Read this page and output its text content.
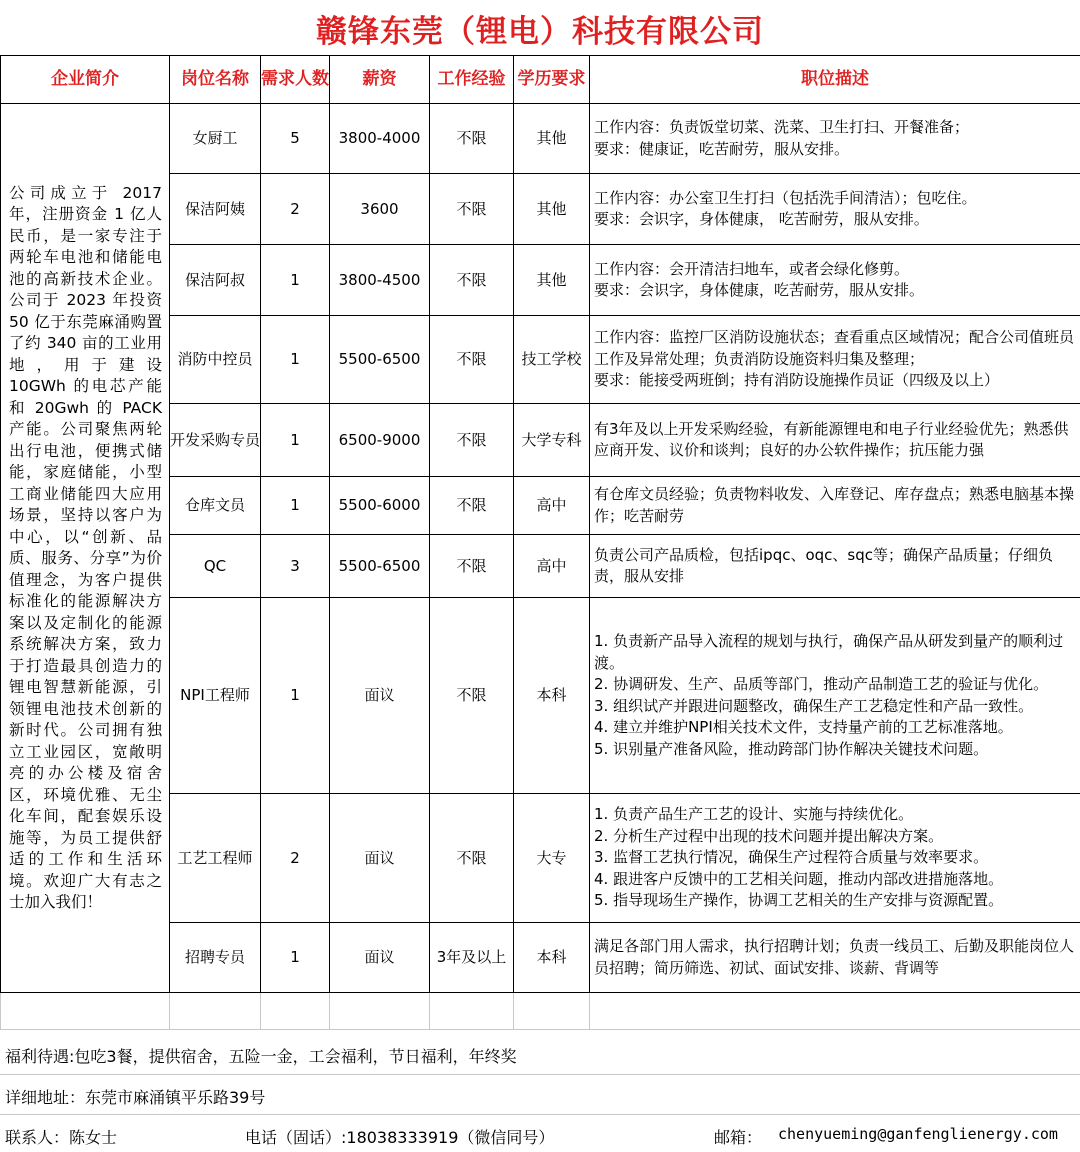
赣锋东莞（锂电）科技有限公司
企业简介	岗位名称	需求人数	薪资	工作经验	学历要求	职位描述
公司成立于 2017 年，注册资金 1 亿人民币，是一家专注于两轮车电池和储能电池的高新技术企业。公司于 2023 年投资 50 亿于东莞麻涌购置了约 340 亩的工业用地，用于建设 10GWh 的电芯产能和 20Gwh 的 PACK 产能。公司聚焦两轮出行电池，便携式储能，家庭储能，小型工商业储能四大应用场景，坚持以客户为中心，以“创新、品质、服务、分享”为价值理念，为客户提供标准化的能源解决方案以及定制化的能源系统解决方案，致力于打造最具创造力的锂电智慧新能源，引领锂电池技术创新的新时代。公司拥有独立工业园区，宽敞明亮的办公楼及宿舍区，环境优雅、无尘化车间，配套娱乐设施等，为员工提供舒适的工作和生活环境。欢迎广大有志之士加入我们！	女厨工	5	3800-4000	不限	其他	工作内容：负责饭堂切菜、洗菜、卫生打扫、开餐准备；
要求：健康证，吃苦耐劳，服从安排。

	保洁阿姨	2	3600	不限	其他	工作内容：办公室卫生打扫（包括洗手间清洁）；包吃住。
要求：会识字，身体健康， 吃苦耐劳，服从安排。

	保洁阿叔	1	3800-4500	不限	其他	工作内容：会开清洁扫地车，或者会绿化修剪。
要求：会识字，身体健康，吃苦耐劳，服从安排。

	消防中控员	1	5500-6500	不限	技工学校	工作内容：监控厂区消防设施状态；查看重点区域情况；配合公司值班员工作及异常处理；负责消防设施资料归集及整理；
要求：能接受两班倒；持有消防设施操作员证（四级及以上）

	开发采购专员	1	6500-9000	不限	大学专科	有3年及以上开发采购经验，有新能源锂电和电子行业经验优先；熟悉供应商开发、议价和谈判；良好的办公软件操作；抗压能力强

	仓库文员	1	5500-6000	不限	高中	有仓库文员经验；负责物料收发、入库登记、库存盘点；熟悉电脑基本操作；吃苦耐劳

	QC	3	5500-6500	不限	高中	负责公司产品质检，包括ipqc、oqc、sqc等；确保产品质量；仔细负责，服从安排

	NPI工程师	1	面议	不限	本科	1. 负责新产品导入流程的规划与执行，确保产品从研发到量产的顺利过渡。
2. 协调研发、生产、品质等部门，推动产品制造工艺的验证与优化。
3. 组织试产并跟进问题整改，确保生产工艺稳定性和产品一致性。
4. 建立并维护NPI相关技术文件，支持量产前的工艺标准落地。
5. 识别量产准备风险，推动跨部门协作解决关键技术问题。

	工艺工程师	2	面议	不限	大专	1. 负责产品生产工艺的设计、实施与持续优化。
2. 分析生产过程中出现的技术问题并提出解决方案。
3. 监督工艺执行情况，确保生产过程符合质量与效率要求。
4. 跟进客户反馈中的工艺相关问题，推动内部改进措施落地。
5. 指导现场生产操作，协调工艺相关的生产安排与资源配置。

	招聘专员	1	面议	3年及以上	本科	满足各部门用人需求，执行招聘计划；负责一线员工、后勤及职能岗位人员招聘；简历筛选、初试、面试安排、谈薪、背调等

福利待遇:包吃3餐，提供宿舍，五险一金，工会福利，节日福利，年终奖
详细地址：东莞市麻涌镇平乐路39号
联系人：陈女士	电话（固话）:18038333919（微信同号）	邮箱： chenyueming@ganfenglienergy.com
